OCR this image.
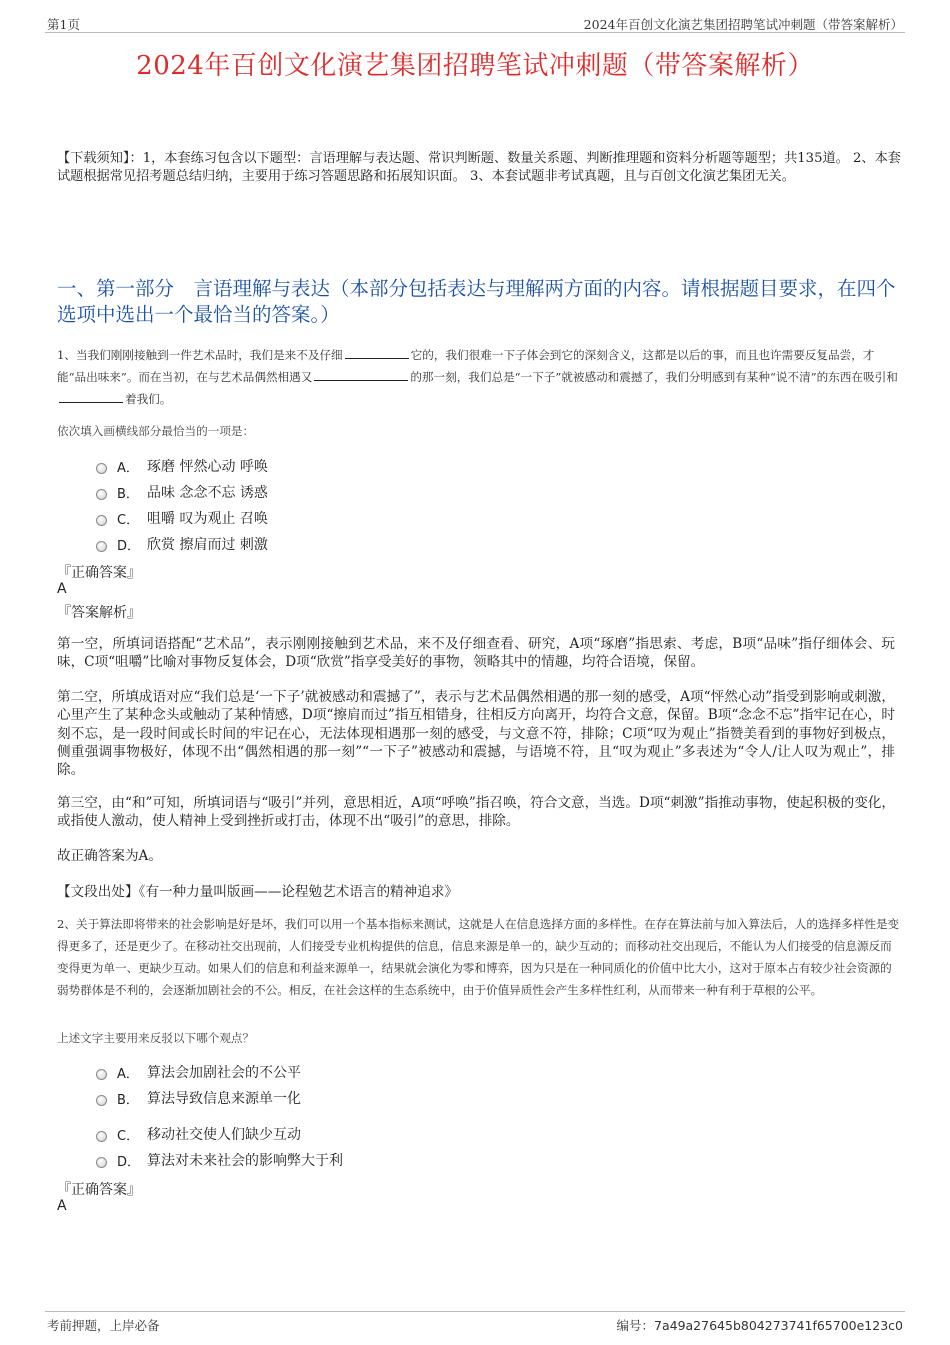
第1页	2024年百创文化演艺集团招聘笔试冲刺题（带答案解析）
2024年百创文化演艺集团招聘笔试冲刺题（带答案解析）
【下载须知】：1，本套练习包含以下题型：言语理解与表达题、常识判断题、数量关系题、判断推理题和资料分析题等题型；共135道。 2、本套试题根据常见招考题总结归纳，主要用于练习答题思路和拓展知识面。 3、本套试题非考试真题，且与百创文化演艺集团无关。
一、第一部分　言语理解与表达（本部分包括表达与理解两方面的内容。请根据题目要求，在四个选项中选出一个最恰当的答案。）
1、当我们刚刚接触到一件艺术品时，我们是来不及仔细	它的，我们很难一下子体会到它的深刻含义，这都是以后的事，而且也许需要反复品尝，才能“品出味来”。而在当初，在与艺术品偶然相遇又	的那一刻，我们总是“一下子”就被感动和震撼了，我们分明感到有某种“说不清”的东西在吸引和着我们。
依次填入画横线部分最恰当的一项是：
A． 琢磨 怦然心动 呼唤
B． 品味 念念不忘 诱惑
C． 咀嚼 叹为观止 召唤
D． 欣赏 擦肩而过 刺激
『正确答案』
A
『答案解析』
第一空，所填词语搭配“艺术品”，表示刚刚接触到艺术品，来不及仔细查看、研究，A项“琢磨”指思索、考虑，B项“品味”指仔细体会、玩味，C项“咀嚼”比喻对事物反复体会，D项“欣赏”指享受美好的事物，领略其中的情趣，均符合语境，保留。
第二空，所填成语对应“我们总是‘一下子’就被感动和震撼了”，表示与艺术品偶然相遇的那一刻的感受，A项“怦然心动”指受到影响或刺激，心里产生了某种念头或触动了某种情感，D项“擦肩而过”指互相错身，往相反方向离开，均符合文意，保留。B项“念念不忘”指牢记在心，时刻不忘，是一段时间或长时间的牢记在心，无法体现相遇那一刻的感受，与文意不符，排除；C项“叹为观止”指赞美看到的事物好到极点，侧重强调事物极好，体现不出“偶然相遇的那一刻”“一下子”被感动和震撼，与语境不符，且“叹为观止”多表述为“令人/让人叹为观止”，排除。
第三空，由“和”可知，所填词语与“吸引”并列，意思相近，A项“呼唤”指召唤，符合文意，当选。D项“刺激”指推动事物，使起积极的变化，或指使人激动，使人精神上受到挫折或打击，体现不出“吸引”的意思，排除。
故正确答案为A。
【文段出处】《有一种力量叫版画——论程勉艺术语言的精神追求》
2、关于算法即将带来的社会影响是好是坏，我们可以用一个基本指标来测试，这就是人在信息选择方面的多样性。在存在算法前与加入算法后，人的选择多样性是变得更多了，还是更少了。在移动社交出现前，人们接受专业机构提供的信息，信息来源是单一的，缺少互动的；而移动社交出现后，不能认为人们接受的信息源反而变得更为单一、更缺少互动。如果人们的信息和利益来源单一，结果就会演化为零和博弈，因为只是在一种同质化的价值中比大小，这对于原本占有较少社会资源的弱势群体是不利的，会逐渐加剧社会的不公。相反，在社会这样的生态系统中，由于价值异质性会产生多样性红利，从而带来一种有利于草根的公平。
上述文字主要用来反驳以下哪个观点？
A． 算法会加剧社会的不公平
B． 算法导致信息来源单一化
C． 移动社交使人们缺少互动
D． 算法对未来社会的影响弊大于利
『正确答案』
A
考前押题，上岸必备	编号：7a49a27645b804273741f65700e123c0
